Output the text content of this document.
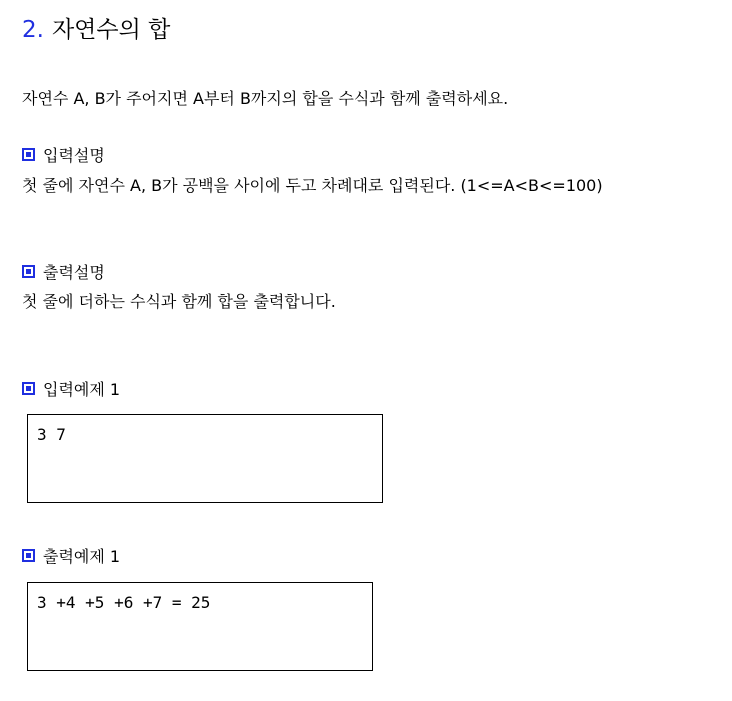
2. 자연수의 합
자연수 A, B가 주어지면 A부터 B까지의 합을 수식과 함께 출력하세요.
입력설명
첫 줄에 자연수 A, B가 공백을 사이에 두고 차례대로 입력된다. (1<=A<B<=100)
출력설명
첫 줄에 더하는 수식과 함께 합을 출력합니다.
입력예제 1
3 7
출력예제 1
3 +4 +5 +6 +7 = 25
